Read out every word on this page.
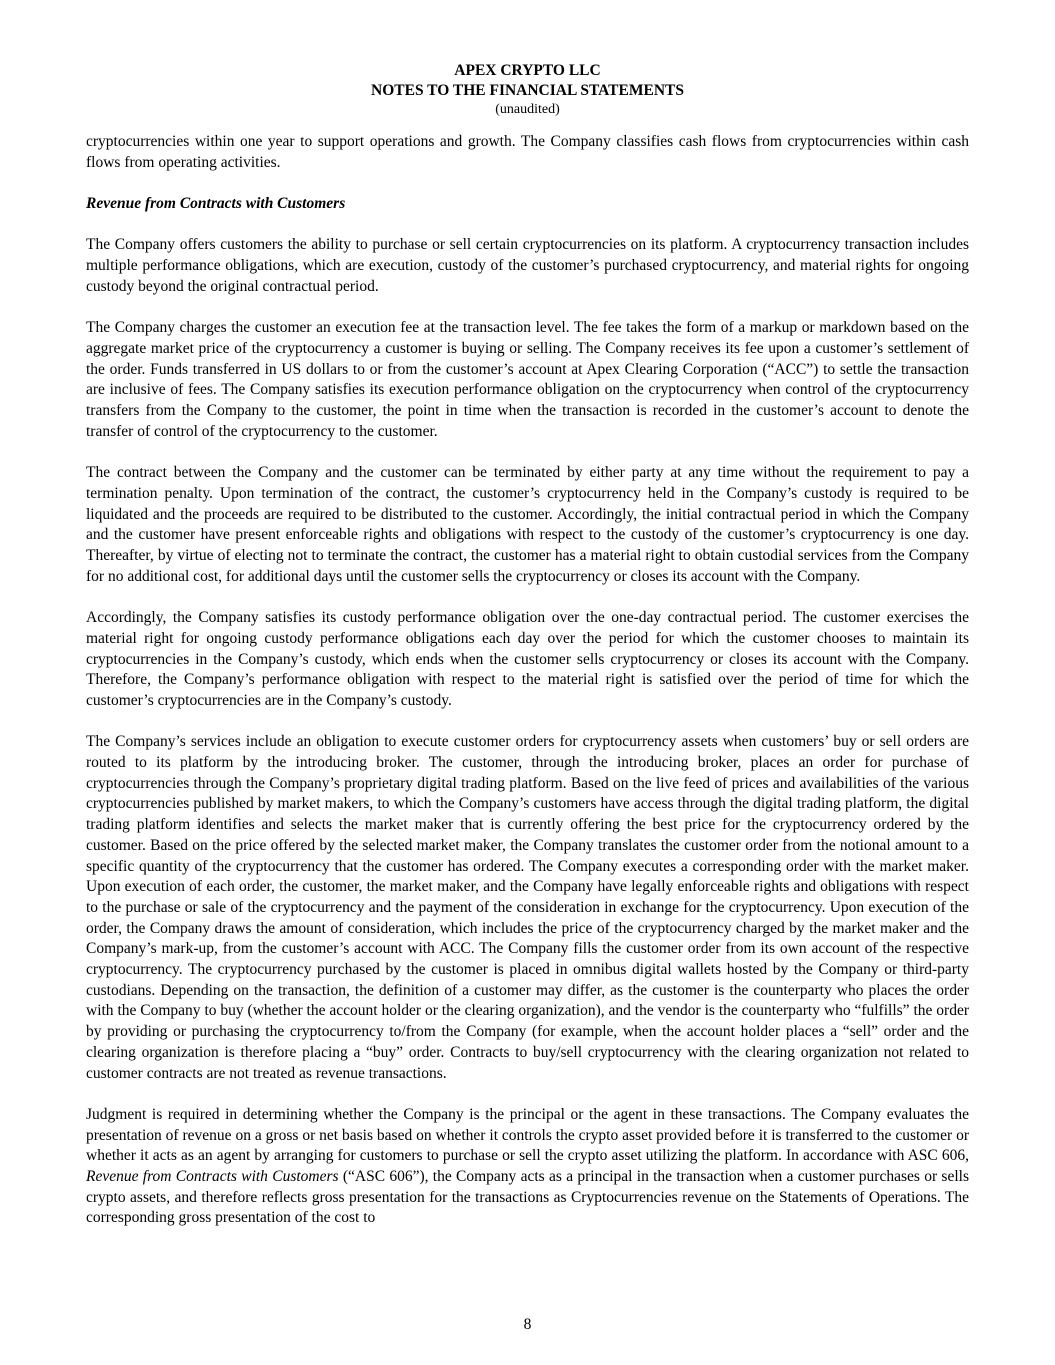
APEX CRYPTO LLC
NOTES TO THE FINANCIAL STATEMENTS
(unaudited)

cryptocurrencies within one year to support operations and growth. The Company classifies cash flows from cryptocurrencies within cash flows from operating activities.

Revenue from Contracts with Customers

The Company offers customers the ability to purchase or sell certain cryptocurrencies on its platform. A cryptocurrency transaction includes multiple performance obligations, which are execution, custody of the customer’s purchased cryptocurrency, and material rights for ongoing custody beyond the original contractual period.

The Company charges the customer an execution fee at the transaction level. The fee takes the form of a markup or markdown based on the aggregate market price of the cryptocurrency a customer is buying or selling. The Company receives its fee upon a customer’s settlement of the order. Funds transferred in US dollars to or from the customer’s account at Apex Clearing Corporation (“ACC”) to settle the transaction are inclusive of fees. The Company satisfies its execution performance obligation on the cryptocurrency when control of the cryptocurrency transfers from the Company to the customer, the point in time when the transaction is recorded in the customer’s account to denote the transfer of control of the cryptocurrency to the customer.

The contract between the Company and the customer can be terminated by either party at any time without the requirement to pay a termination penalty. Upon termination of the contract, the customer’s cryptocurrency held in the Company’s custody is required to be liquidated and the proceeds are required to be distributed to the customer. Accordingly, the initial contractual period in which the Company and the customer have present enforceable rights and obligations with respect to the custody of the customer’s cryptocurrency is one day. Thereafter, by virtue of electing not to terminate the contract, the customer has a material right to obtain custodial services from the Company for no additional cost, for additional days until the customer sells the cryptocurrency or closes its account with the Company.

Accordingly, the Company satisfies its custody performance obligation over the one-day contractual period. The customer exercises the material right for ongoing custody performance obligations each day over the period for which the customer chooses to maintain its cryptocurrencies in the Company’s custody, which ends when the customer sells cryptocurrency or closes its account with the Company. Therefore, the Company’s performance obligation with respect to the material right is satisfied over the period of time for which the customer’s cryptocurrencies are in the Company’s custody.

The Company’s services include an obligation to execute customer orders for cryptocurrency assets when customers’ buy or sell orders are routed to its platform by the introducing broker. The customer, through the introducing broker, places an order for purchase of cryptocurrencies through the Company’s proprietary digital trading platform. Based on the live feed of prices and availabilities of the various cryptocurrencies published by market makers, to which the Company’s customers have access through the digital trading platform, the digital trading platform identifies and selects the market maker that is currently offering the best price for the cryptocurrency ordered by the customer. Based on the price offered by the selected market maker, the Company translates the customer order from the notional amount to a specific quantity of the cryptocurrency that the customer has ordered. The Company executes a corresponding order with the market maker. Upon execution of each order, the customer, the market maker, and the Company have legally enforceable rights and obligations with respect to the purchase or sale of the cryptocurrency and the payment of the consideration in exchange for the cryptocurrency. Upon execution of the order, the Company draws the amount of consideration, which includes the price of the cryptocurrency charged by the market maker and the Company’s mark-up, from the customer’s account with ACC. The Company fills the customer order from its own account of the respective cryptocurrency. The cryptocurrency purchased by the customer is placed in omnibus digital wallets hosted by the Company or third-party custodians. Depending on the transaction, the definition of a customer may differ, as the customer is the counterparty who places the order with the Company to buy (whether the account holder or the clearing organization), and the vendor is the counterparty who “fulfills” the order by providing or purchasing the cryptocurrency to/from the Company (for example, when the account holder places a “sell” order and the clearing organization is therefore placing a “buy” order. Contracts to buy/sell cryptocurrency with the clearing organization not related to customer contracts are not treated as revenue transactions.

Judgment is required in determining whether the Company is the principal or the agent in these transactions. The Company evaluates the presentation of revenue on a gross or net basis based on whether it controls the crypto asset provided before it is transferred to the customer or whether it acts as an agent by arranging for customers to purchase or sell the crypto asset utilizing the platform. In accordance with ASC 606, Revenue from Contracts with Customers (“ASC 606”), the Company acts as a principal in the transaction when a customer purchases or sells crypto assets, and therefore reflects gross presentation for the transactions as Cryptocurrencies revenue on the Statements of Operations. The corresponding gross presentation of the cost to

8
